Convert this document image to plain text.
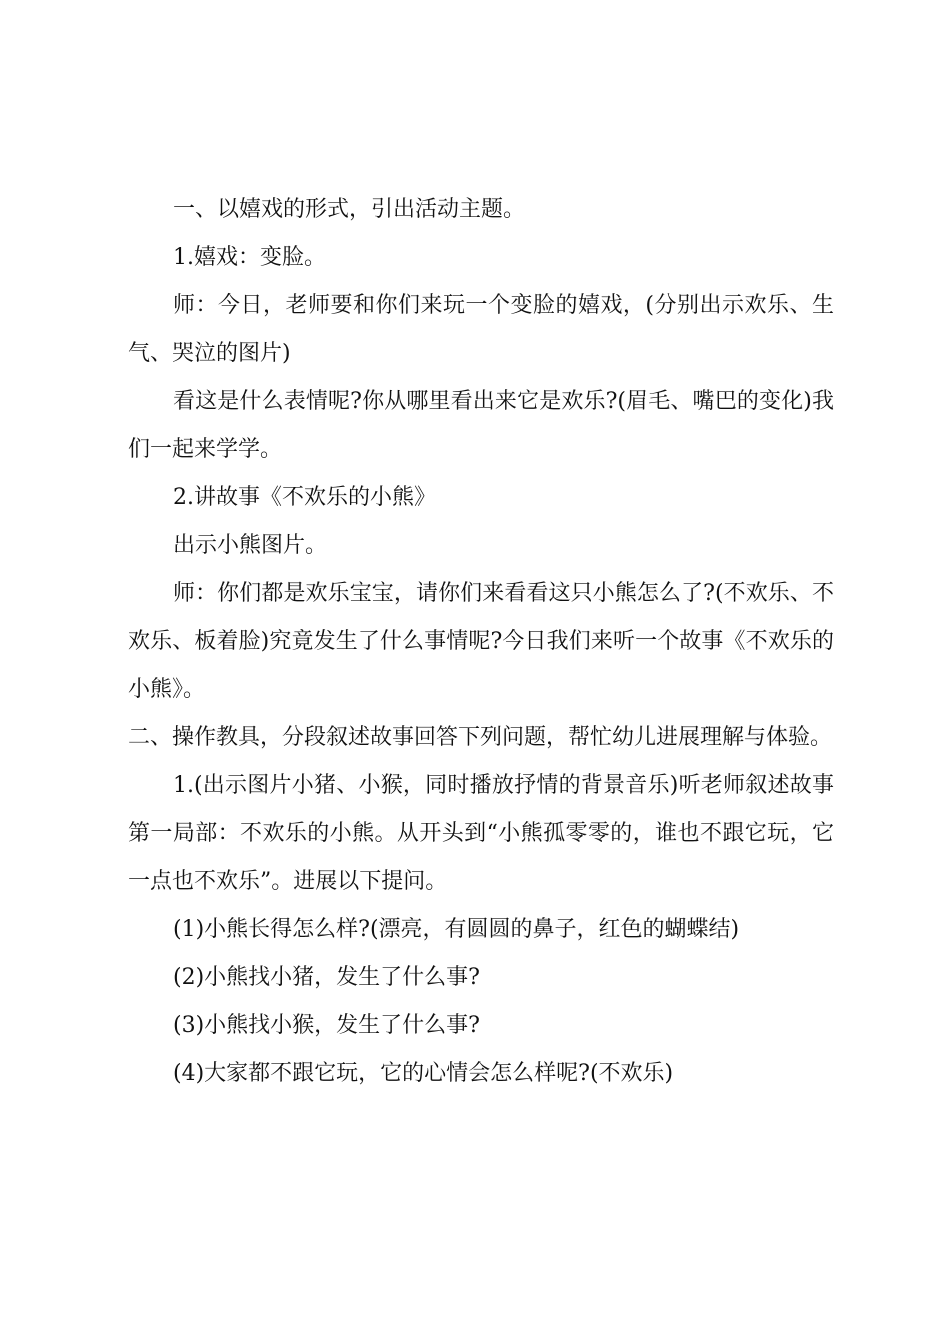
一、以嬉戏的形式，引出活动主题。

1.嬉戏：变脸。

师：今日，老师要和你们来玩一个变脸的嬉戏，(分别出示欢乐、生气、哭泣的图片)

看这是什么表情呢?你从哪里看出来它是欢乐?(眉毛、嘴巴的变化)我们一起来学学。

2.讲故事《不欢乐的小熊》

出示小熊图片。

师：你们都是欢乐宝宝，请你们来看看这只小熊怎么了?(不欢乐、不欢乐、板着脸)究竟发生了什么事情呢?今日我们来听一个故事《不欢乐的小熊》。

二、操作教具，分段叙述故事回答下列问题，帮忙幼儿进展理解与体验。

1.(出示图片小猪、小猴，同时播放抒情的背景音乐)听老师叙述故事第一局部：不欢乐的小熊。从开头到“小熊孤零零的，谁也不跟它玩，它一点也不欢乐”。进展以下提问。

(1)小熊长得怎么样?(漂亮，有圆圆的鼻子，红色的蝴蝶结)

(2)小熊找小猪，发生了什么事?

(3)小熊找小猴，发生了什么事?

(4)大家都不跟它玩，它的心情会怎么样呢?(不欢乐)
